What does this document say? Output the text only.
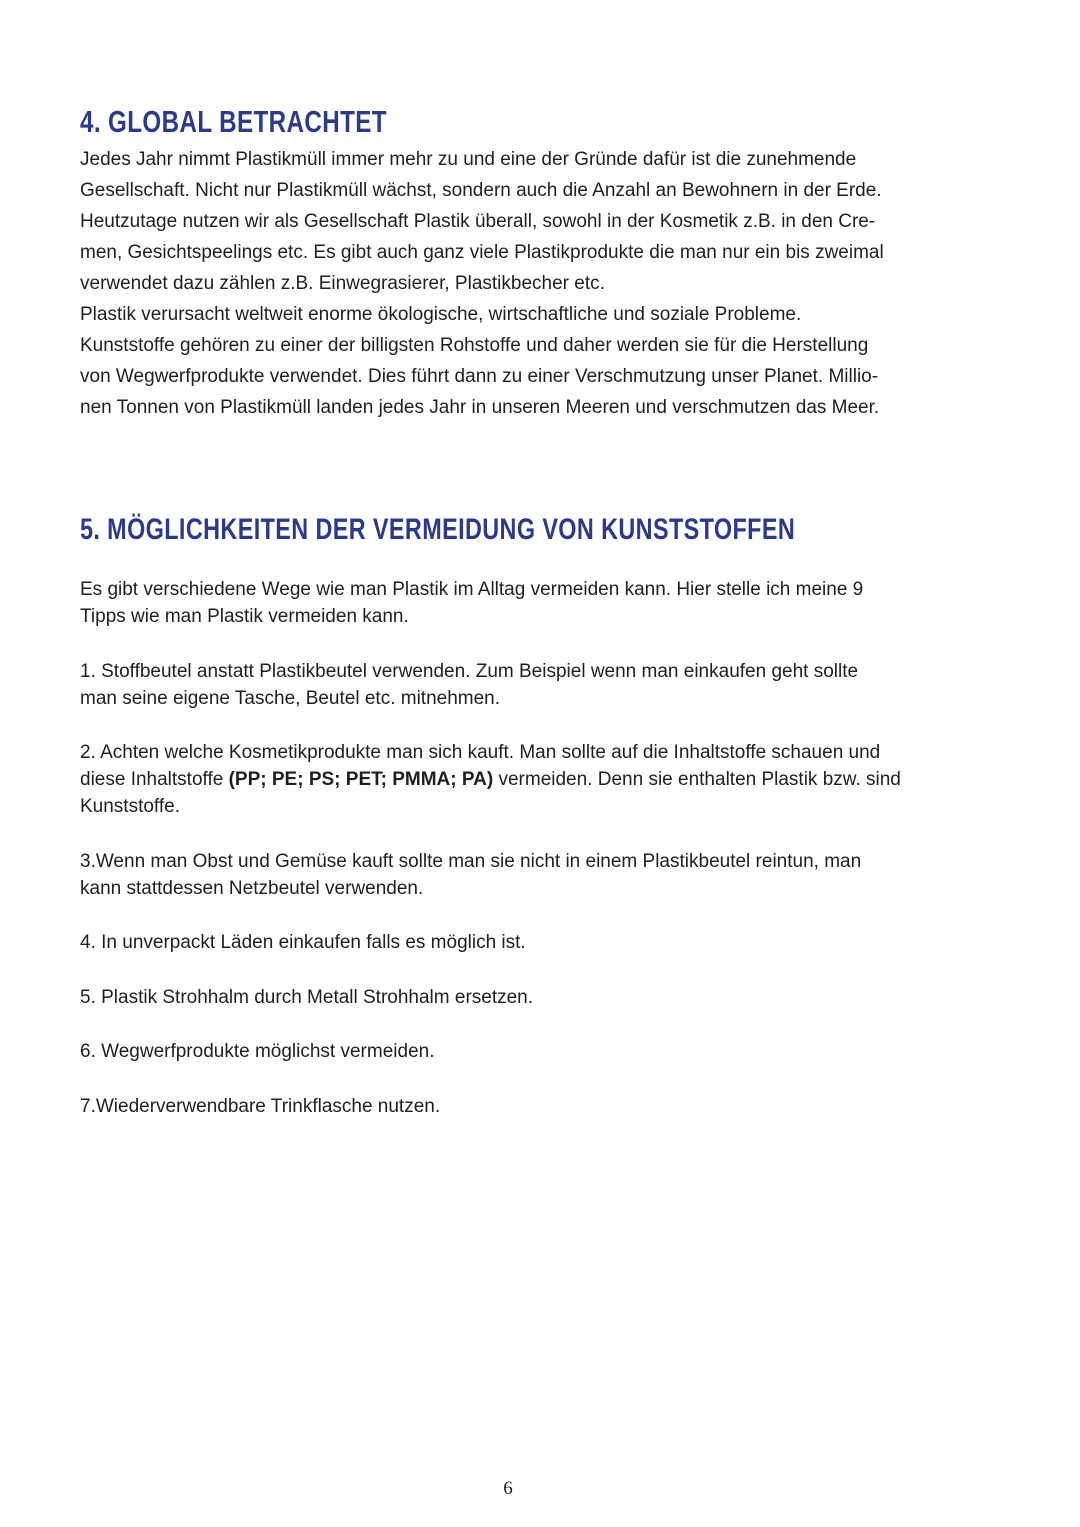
4. GLOBAL BETRACHTET
Jedes Jahr nimmt Plastikmüll immer mehr zu und eine der Gründe dafür ist die zunehmende
Gesellschaft. Nicht nur Plastikmüll wächst, sondern auch die Anzahl an Bewohnern in der Erde.
Heutzutage nutzen wir als Gesellschaft Plastik überall, sowohl in der Kosmetik z.B. in den Cre-
men, Gesichtspeelings etc. Es gibt auch ganz viele Plastikprodukte die man nur ein bis zweimal
verwendet dazu zählen z.B. Einwegrasierer, Plastikbecher etc.
Plastik verursacht weltweit enorme ökologische, wirtschaftliche und soziale Probleme.
Kunststoffe gehören zu einer der billigsten Rohstoffe und daher werden sie für die Herstellung
von Wegwerfprodukte verwendet. Dies führt dann zu einer Verschmutzung unser Planet. Millio-
nen Tonnen von Plastikmüll landen jedes Jahr in unseren Meeren und verschmutzen das Meer.
5. MÖGLICHKEITEN DER VERMEIDUNG VON KUNSTSTOFFEN
Es gibt verschiedene Wege wie man Plastik im Alltag vermeiden kann. Hier stelle ich meine 9
Tipps wie man Plastik vermeiden kann.
1. Stoffbeutel anstatt Plastikbeutel verwenden. Zum Beispiel wenn man einkaufen geht sollte
man seine eigene Tasche, Beutel etc. mitnehmen.
2. Achten welche Kosmetikprodukte man sich kauft. Man sollte auf die Inhaltstoffe schauen und
diese Inhaltstoffe (PP; PE; PS; PET; PMMA; PA) vermeiden. Denn sie enthalten Plastik bzw. sind
Kunststoffe.
3.Wenn man Obst und Gemüse kauft sollte man sie nicht in einem Plastikbeutel reintun, man
kann stattdessen Netzbeutel verwenden.
4. In unverpackt Läden einkaufen falls es möglich ist.
5. Plastik Strohhalm durch Metall Strohhalm ersetzen.
6. Wegwerfprodukte möglichst vermeiden.
7.Wiederverwendbare Trinkflasche nutzen.
6
